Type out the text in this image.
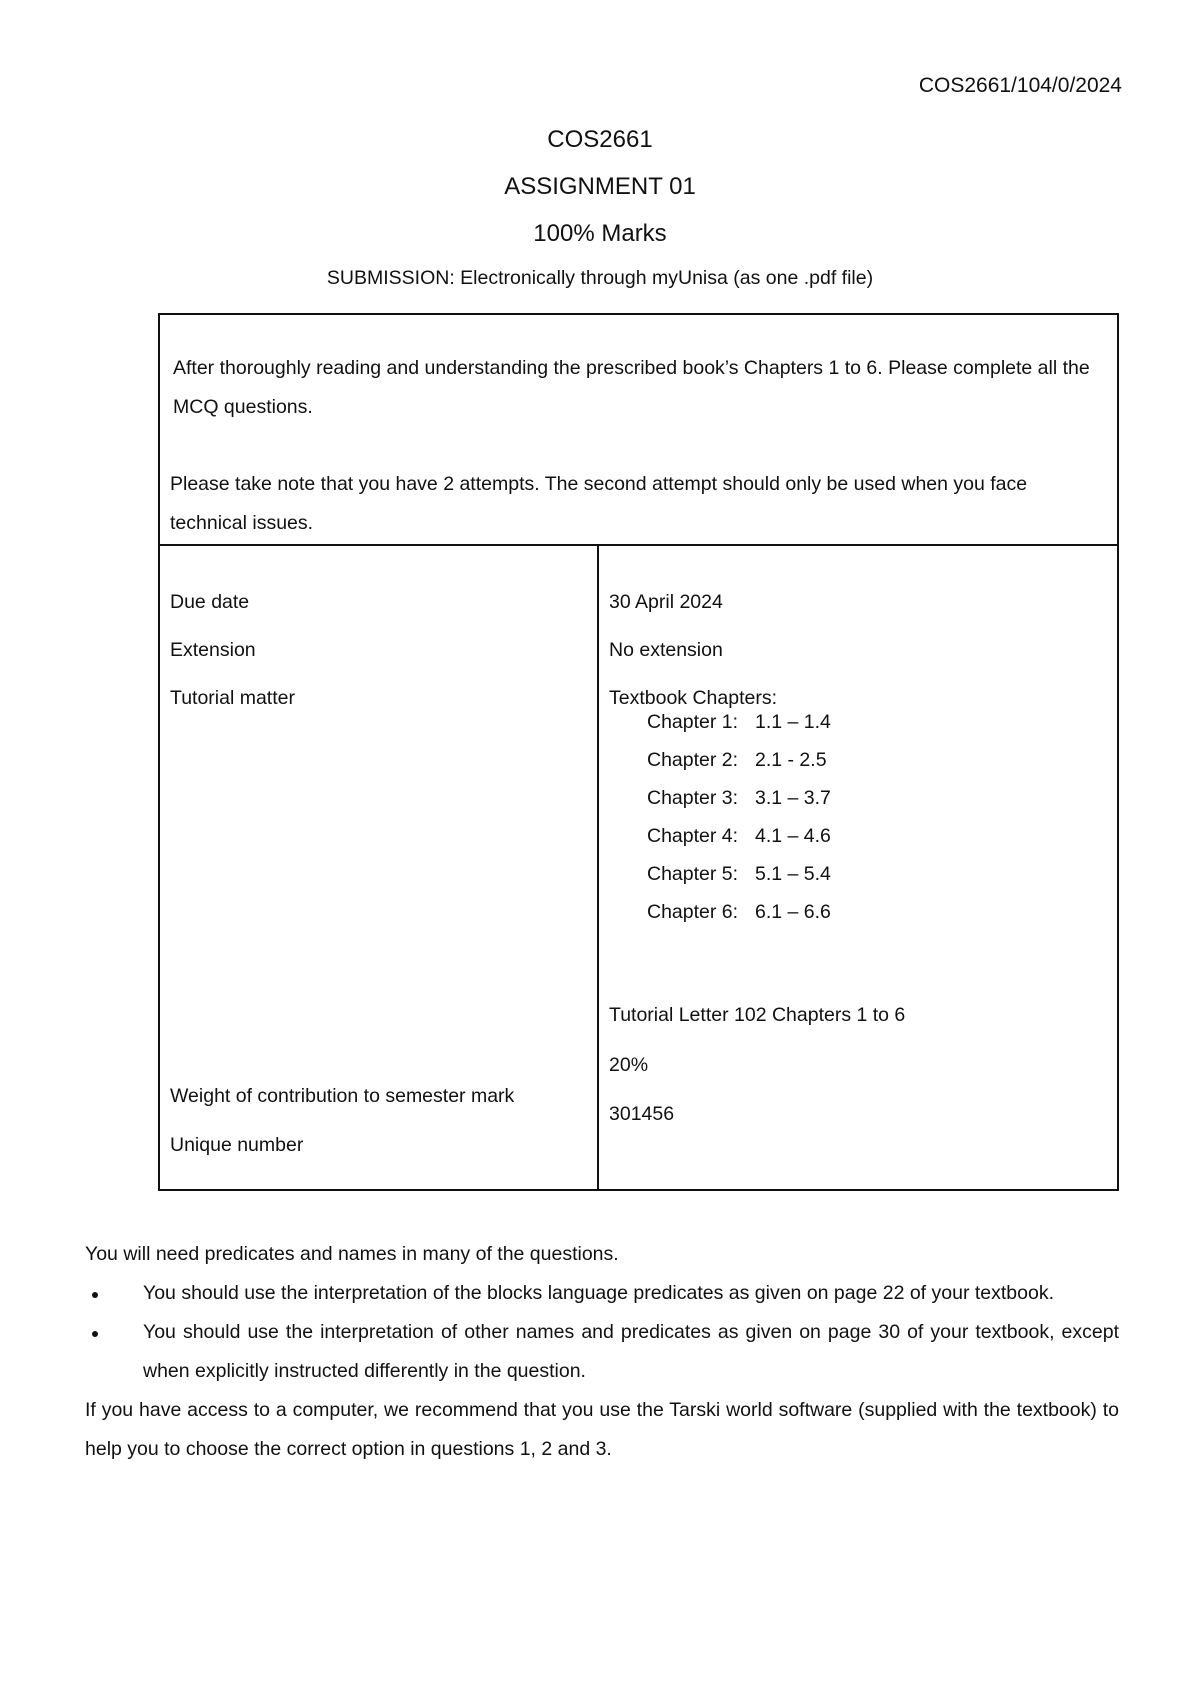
COS2661/104/0/2024
COS2661
ASSIGNMENT 01
100% Marks
SUBMISSION: Electronically through myUnisa (as one .pdf file)

After thoroughly reading and understanding the prescribed book’s Chapters 1 to 6. Please complete all the MCQ questions.

Please take note that you have 2 attempts. The second attempt should only be used when you face technical issues.

Due date
Extension
Tutorial matter
Weight of contribution to semester mark
Unique number
30 April 2024
No extension
Textbook Chapters:
Chapter 1: 1.1 – 1.4
Chapter 2: 2.1 - 2.5
Chapter 3: 3.1 – 3.7
Chapter 4: 4.1 – 4.6
Chapter 5: 5.1 – 5.4
Chapter 6: 6.1 – 6.6
Tutorial Letter 102 Chapters 1 to 6
20%
301456

You will need predicates and names in many of the questions.

You should use the interpretation of the blocks language predicates as given on page 22 of your textbook.
You should use the interpretation of other names and predicates as given on page 30 of your textbook, except when explicitly instructed differently in the question.

If you have access to a computer, we recommend that you use the Tarski world software (supplied with the textbook) to help you to choose the correct option in questions 1, 2 and 3.
